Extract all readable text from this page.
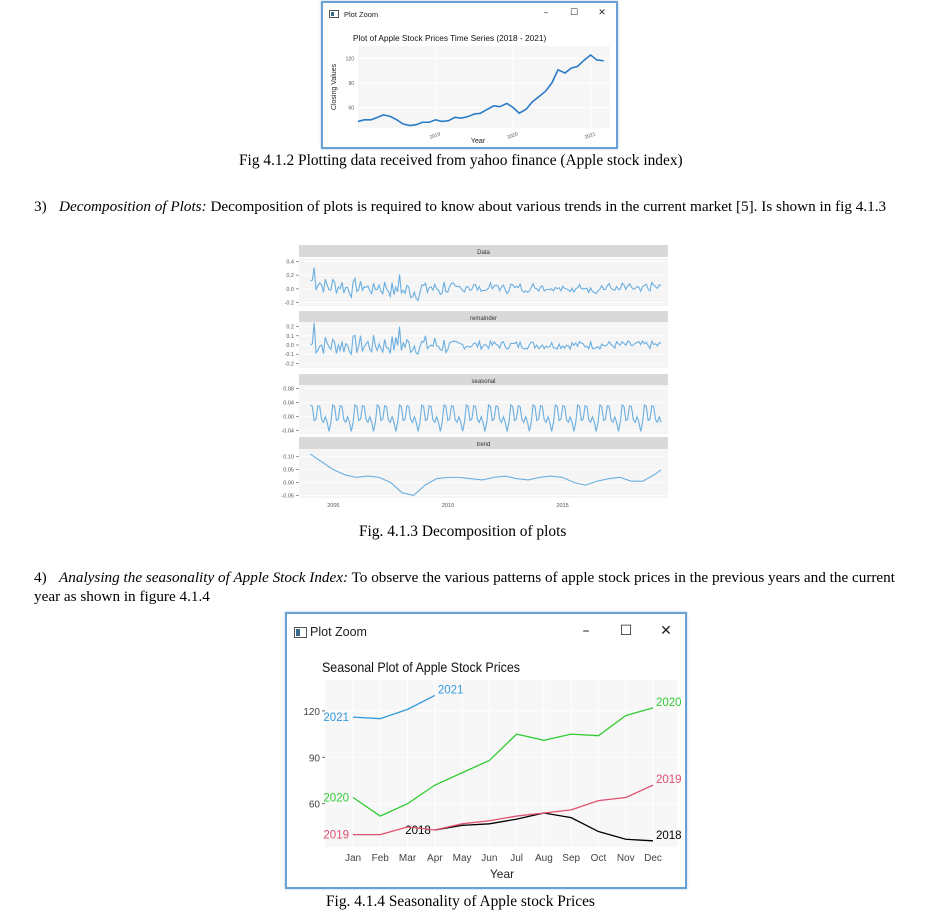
Plot Zoom	–	☐	✕
Plot of Apple Stock Prices Time Series (2018 - 2021)
60
90
120
2019	2020	2021
Year
Closing Values
Fig 4.1.2 Plotting data received from yahoo finance (Apple stock index)
3) Decomposition of Plots: Decomposition of plots is required to know about various trends in the current market [5]. Is shown in fig 4.1.3
Data
0.4
0.2
0.0
-0.2
remainder
0.2
0.1
0.0
-0.1
-0.2
seasonal
0.08
0.04
0.00
-0.04
trend
0.10
0.05
0.00
-0.05
2005	2010	2015
Fig. 4.1.3 Decomposition of plots
4) Analysing the seasonality of Apple Stock Index: To observe the various patterns of apple stock prices in the previous years and the current year as shown in figure 4.1.4
Plot Zoom	–	☐ ✕
Seasonal Plot of Apple Stock Prices
Year
60
90
120
Jan Feb Mar Apr May Jun Jul Aug Sep Oct Nov Dec
2018	2018
2019
2019
2020
2020
2021
2021
Fig. 4.1.4 Seasonality of Apple stock Prices
